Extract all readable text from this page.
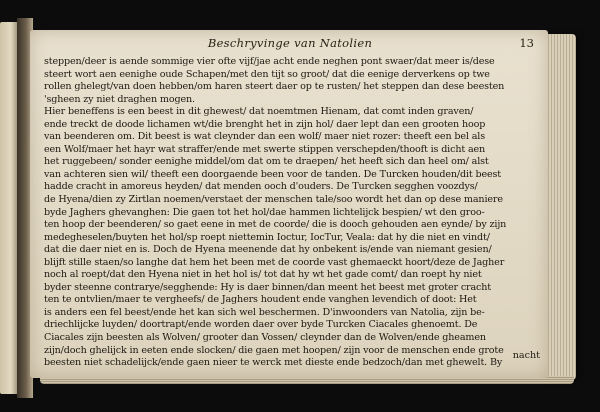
Beschryvinge van Natolien	13
steppen/deer is aende sommige vier ofte vijf/jae acht ende neghen pont swaer/dat meer is/dese
steert wort aen eenighe oude Schapen/met den tijt so groot/ dat die eenige derverkens op twe
rollen ghelegt/van doen hebben/om haren steert daer op te rusten/ het steppen dan dese beesten
'sgheen zy niet draghen mogen.
Hier beneffens is een beest in dit ghewest/ dat noemtmen Hienam, dat comt inden graven/
ende treckt de doode lichamen wt/die brenght het in zijn hol/ daer lept dan een grooten hoop
van beenderen om. Dit beest is wat cleynder dan een wolf/ maer niet rozer: theeft een bel als
een Wolf/maer het hayr wat straffer/ende met swerte stippen verschepden/thooft is dicht aen
het ruggebeen/ sonder eenighe middel/om dat om te draepen/ het heeft sich dan heel om/ alst
van achteren sien wil/ theeft een doorgaende been voor de tanden. De Turcken houden/dit beest
hadde cracht in amoreus heyden/ dat menden ooch d'ouders. De Turcken segghen voozdys/
de Hyena/dien zy Zirtlan noemen/verstaet der menschen tale/soo wordt het dan op dese maniere
byde Jaghers ghevanghen: Die gaen tot het hol/dae hammen lichtelijck bespien/ wt den groo-
ten hoop der beenderen/ so gaet eene in met de coorde/ die is dooch gehouden aen eynde/ by zijn
medegheselen/buyten het hol/sp roept niettemin Ioctur, IocTur, Veala: dat hy die niet en vindt/
dat die daer niet en is. Doch de Hyena meenende dat hy onbekent is/ende van niemant gesien/
blijft stille staen/so langhe dat hem het been met de coorde vast ghemaeckt hoort/deze de Jagher
noch al roept/dat den Hyena niet in het hol is/ tot dat hy wt het gade comt/ dan roept hy niet
byder steenne contrarye/segghende: Hy is daer binnen/dan meent het beest met groter cracht
ten te ontvlien/maer te vergheefs/ de Jaghers houdent ende vanghen levendich of doot: Het
is anders een fel beest/ende het kan sich wel beschermen. D'inwoonders van Natolia, zijn be-
driechlijcke luyden/ doortrapt/ende worden daer over byde Turcken Ciacales ghenoemt. De
Ciacales zijn beesten als Wolven/ grooter dan Vossen/ cleynder dan de Wolven/ende gheamen
zijn/doch ghelijck in eeten ende slocken/ die gaen met hoopen/ zijn voor de menschen ende grote
beesten niet schadelijck/ende gaen nieer te werck met dieste ende bedzoch/dan met ghewelt. By
nacht
